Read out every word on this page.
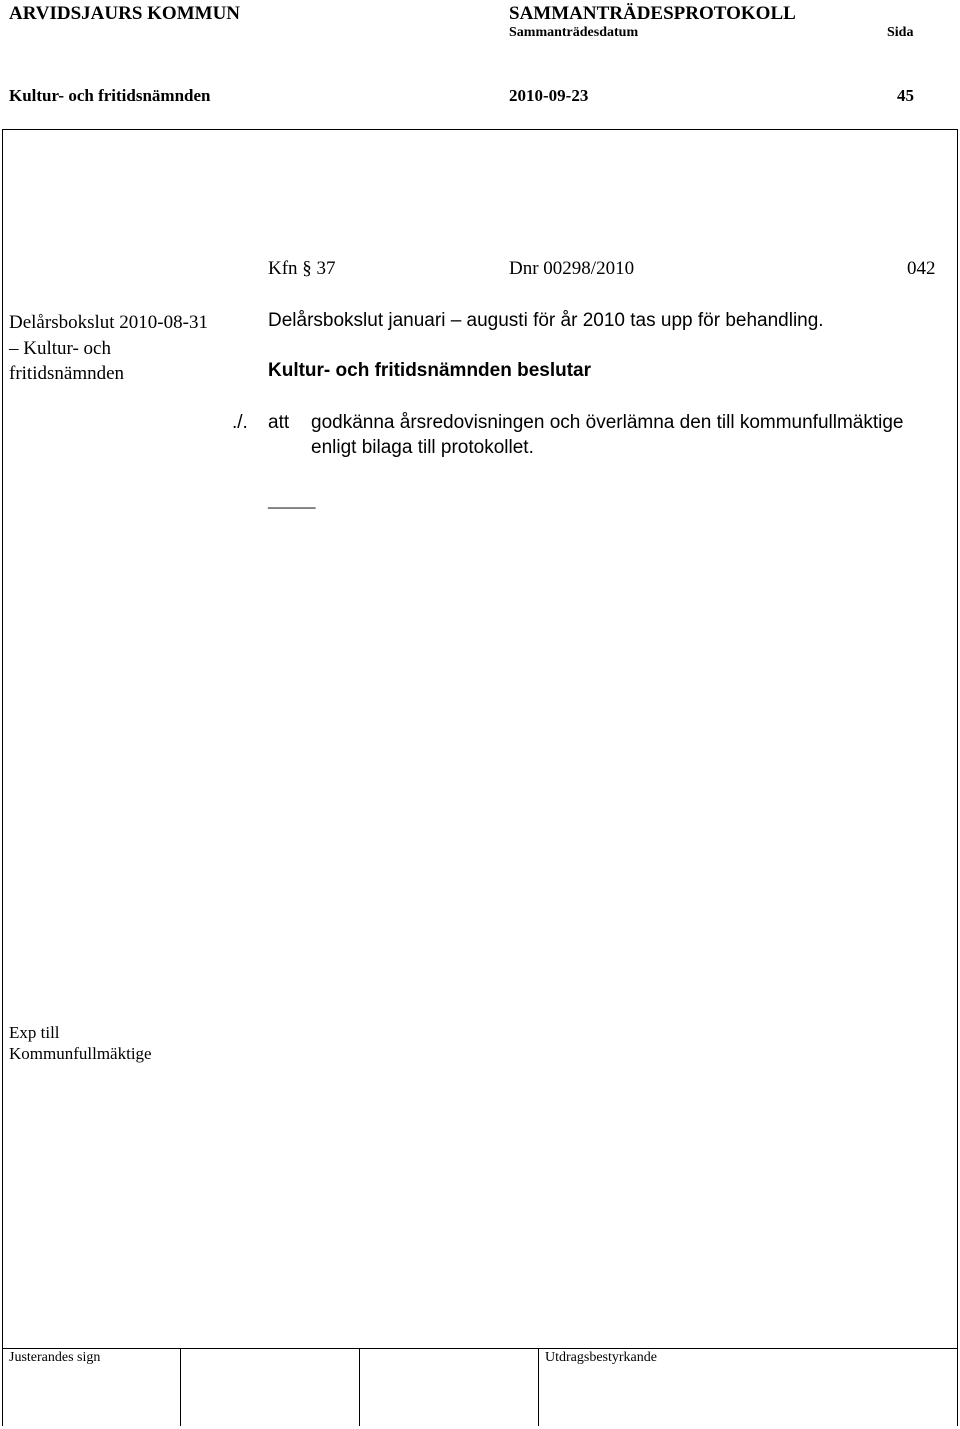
ARVIDSJAURS KOMMUN	SAMMANTRÄDESPROTOKOLL
Sammanträdesdatum	Sida
Kultur- och fritidsnämnden	2010-09-23	45
Kfn § 37	Dnr 00298/2010	042
Delårsbokslut 2010-08-31
– Kultur- och
fritidsnämnden
Delårsbokslut januari – augusti för år 2010 tas upp för behandling.
Kultur- och fritidsnämnden beslutar
./. att godkänna årsredovisningen och överlämna den till kommunfullmäktige
enligt bilaga till protokollet.
_____
Exp till
Kommunfullmäktige
Justerandes sign	Utdragsbestyrkande
